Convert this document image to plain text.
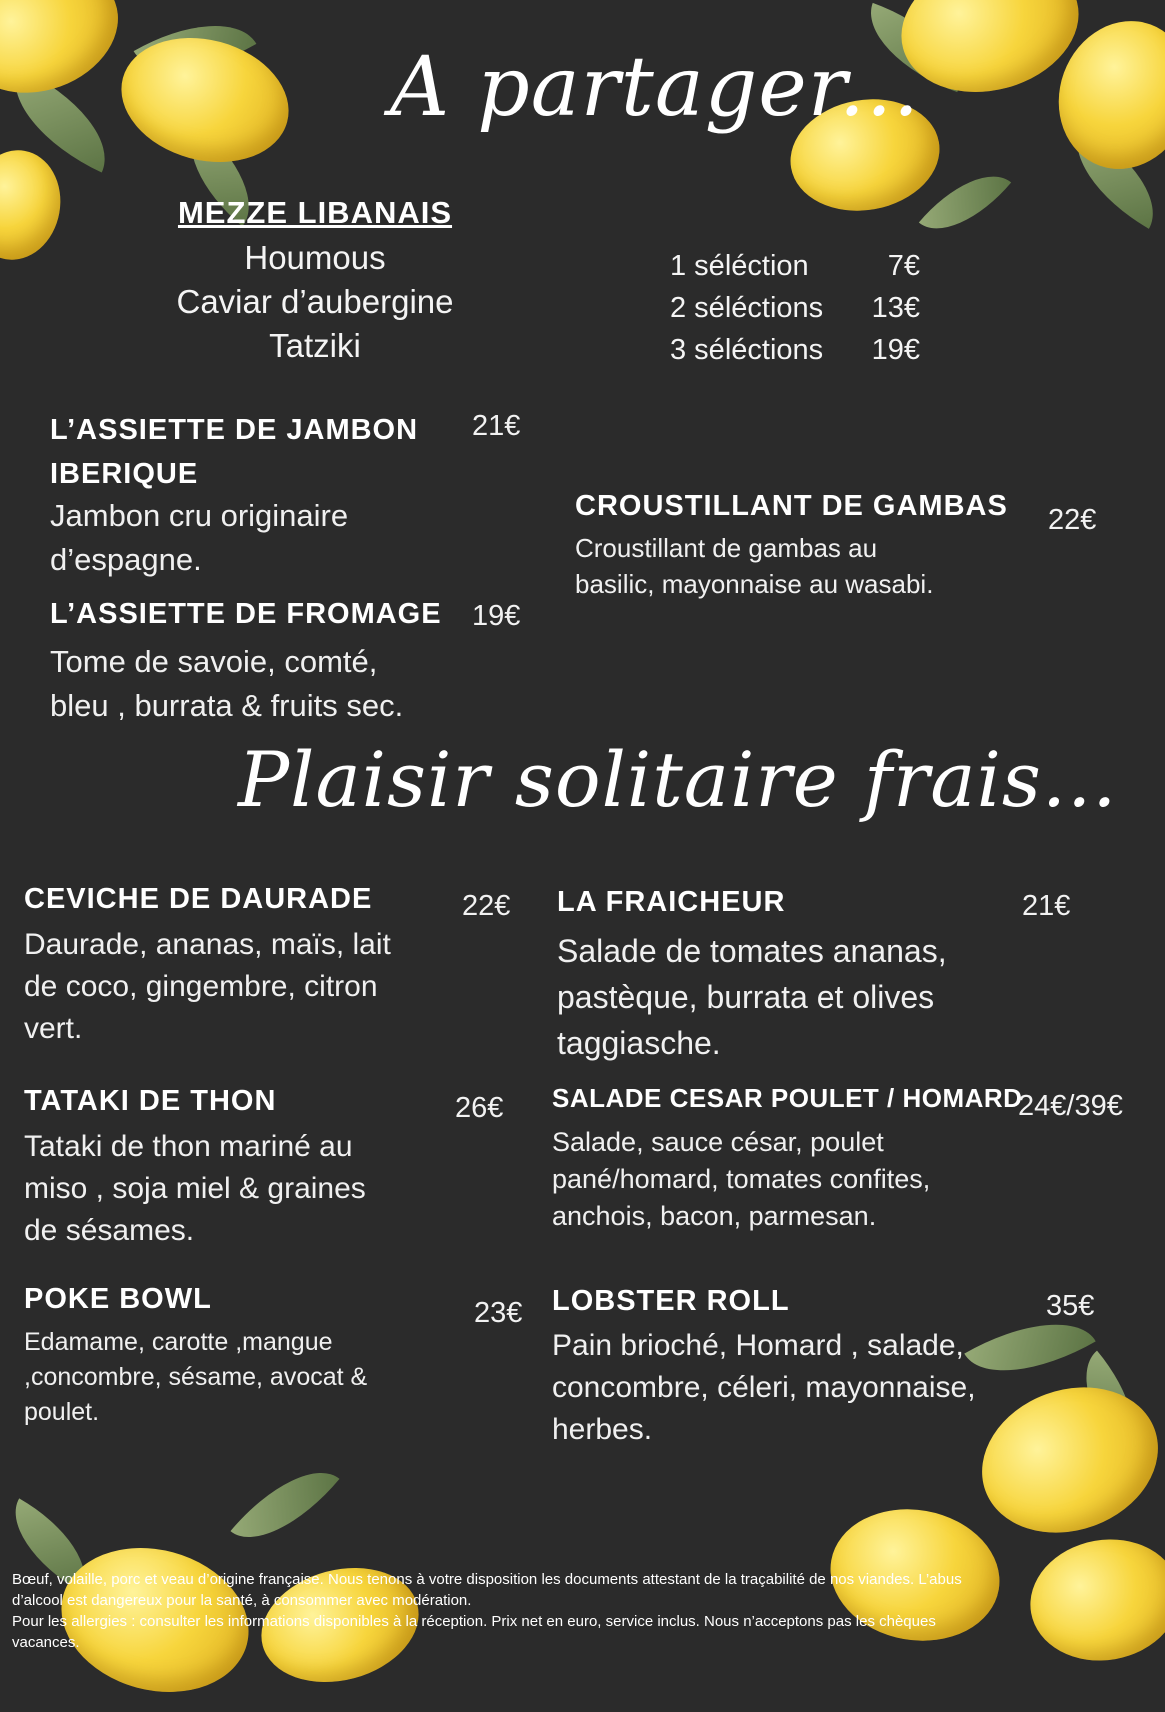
A partager...
MEZZE LIBANAIS
Houmous
Caviar d’aubergine
Tatziki
1 séléction	7€
2 séléctions 13€
3 séléctions 19€
L’ASSIETTE DE JAMBON
IBERIQUE
21€
Jambon cru originaire
d’espagne.
L’ASSIETTE DE FROMAGE 19€
Tome de savoie, comté,
bleu , burrata & fruits sec.
CROUSTILLANT DE GAMBAS 22€
Croustillant de gambas au
basilic, mayonnaise au wasabi.
Plaisir solitaire frais...
CEVICHE DE DAURADE	22€
Daurade, ananas, maïs, lait
de coco, gingembre, citron
vert.
LA FRAICHEUR	21€
Salade de tomates ananas,
pastèque, burrata et olives
taggiasche.
TATAKI DE THON	26€
Tataki de thon mariné au
miso , soja miel & graines
de sésames.
SALADE CESAR POULET / HOMARD
24€/39€
Salade, sauce césar, poulet
pané/homard, tomates confites,
anchois, bacon, parmesan.
POKE BOWL	23€
Edamame, carotte ,mangue
,concombre, sésame, avocat &
poulet.
LOBSTER ROLL	35€
Pain brioché, Homard , salade,
concombre, céleri, mayonnaise,
herbes.
Bœuf, volaille, porc et veau d’origine française. Nous tenons à votre disposition les documents attestant de la traçabilité de nos viandes. L’abus
d’alcool est dangereux pour la santé, à consommer avec modération.
Pour les allergies : consulter les informations disponibles à la réception. Prix net en euro, service inclus. Nous n’acceptons pas les chèques
vacances.
